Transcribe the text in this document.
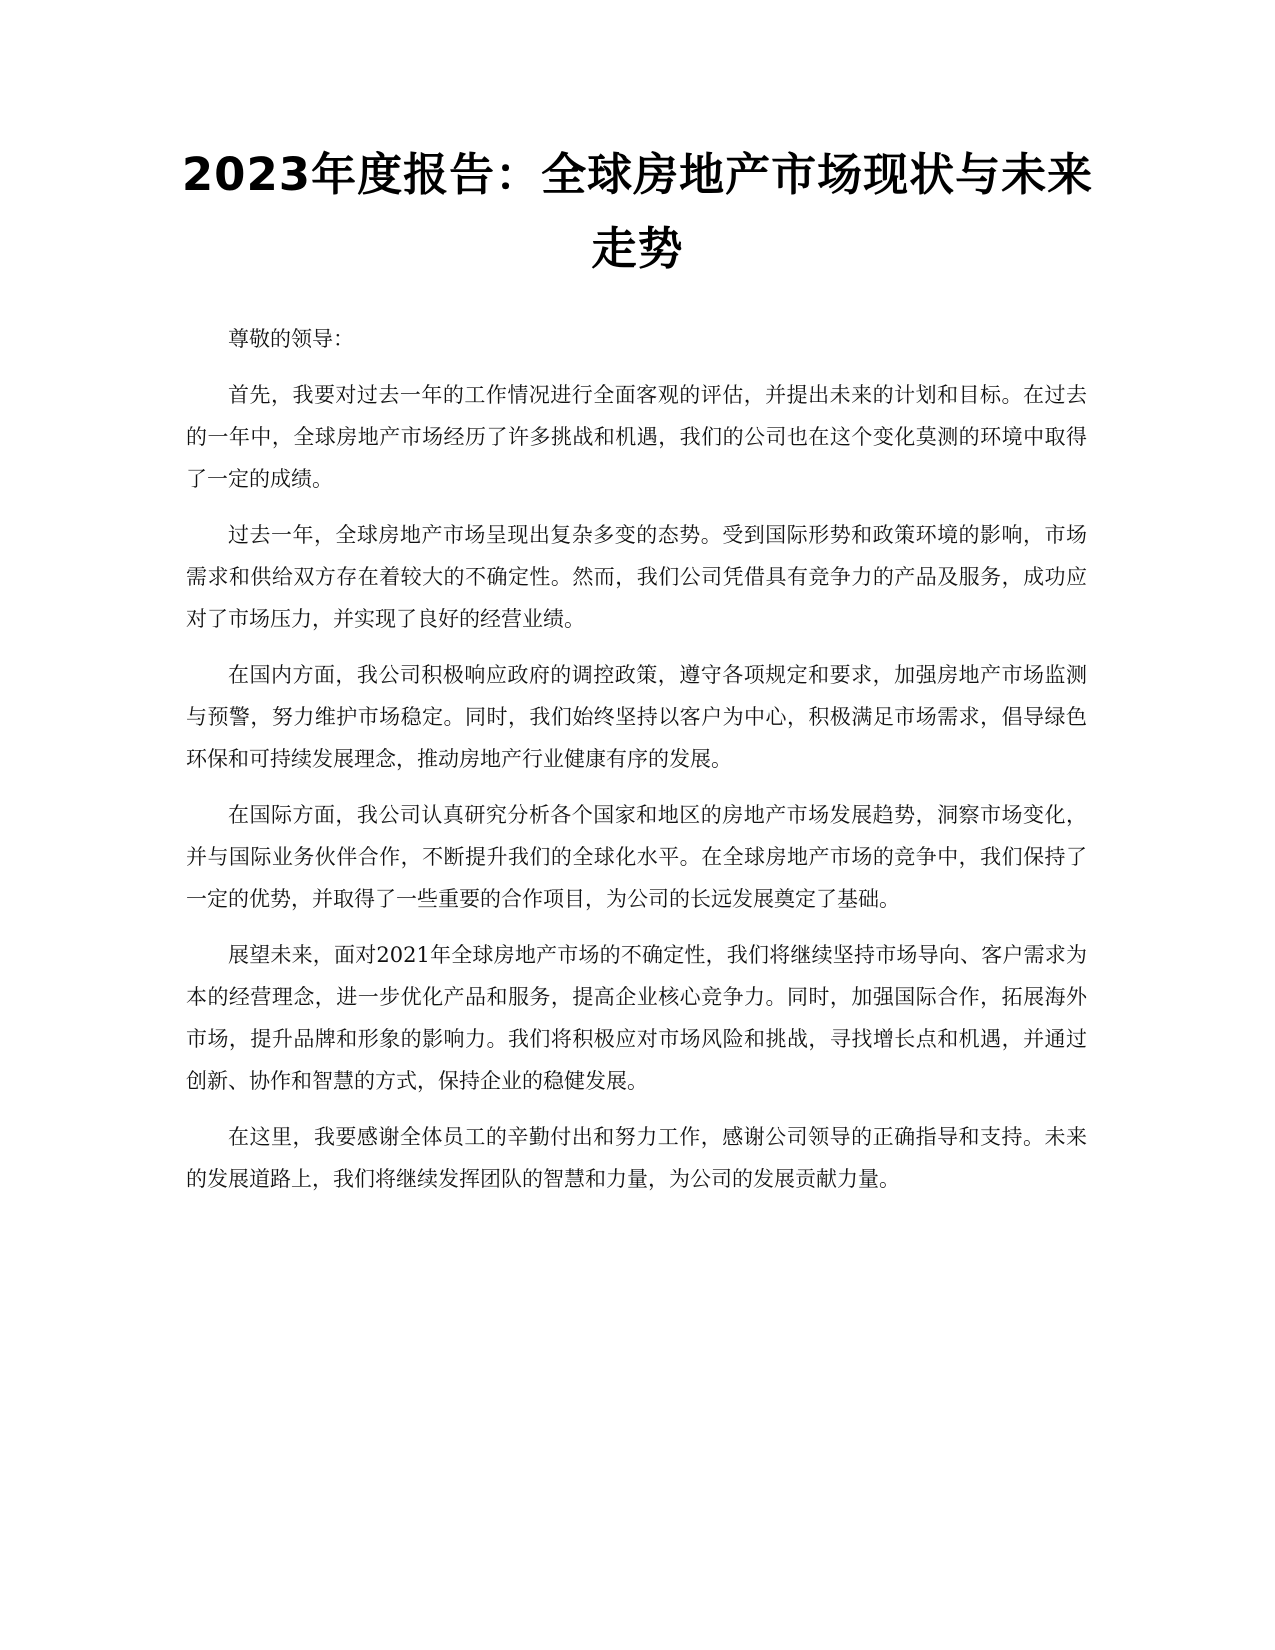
2023年度报告：全球房地产市场现状与未来走势

尊敬的领导：

首先，我要对过去一年的工作情况进行全面客观的评估，并提出未来的计划和目标。在过去的一年中，全球房地产市场经历了许多挑战和机遇，我们的公司也在这个变化莫测的环境中取得了一定的成绩。

过去一年，全球房地产市场呈现出复杂多变的态势。受到国际形势和政策环境的影响，市场需求和供给双方存在着较大的不确定性。然而，我们公司凭借具有竞争力的产品及服务，成功应对了市场压力，并实现了良好的经营业绩。

在国内方面，我公司积极响应政府的调控政策，遵守各项规定和要求，加强房地产市场监测与预警，努力维护市场稳定。同时，我们始终坚持以客户为中心，积极满足市场需求，倡导绿色环保和可持续发展理念，推动房地产行业健康有序的发展。

在国际方面，我公司认真研究分析各个国家和地区的房地产市场发展趋势，洞察市场变化，并与国际业务伙伴合作，不断提升我们的全球化水平。在全球房地产市场的竞争中，我们保持了一定的优势，并取得了一些重要的合作项目，为公司的长远发展奠定了基础。

展望未来，面对2021年全球房地产市场的不确定性，我们将继续坚持市场导向、客户需求为本的经营理念，进一步优化产品和服务，提高企业核心竞争力。同时，加强国际合作，拓展海外市场，提升品牌和形象的影响力。我们将积极应对市场风险和挑战，寻找增长点和机遇，并通过创新、协作和智慧的方式，保持企业的稳健发展。

在这里，我要感谢全体员工的辛勤付出和努力工作，感谢公司领导的正确指导和支持。未来的发展道路上，我们将继续发挥团队的智慧和力量，为公司的发展贡献力量。
